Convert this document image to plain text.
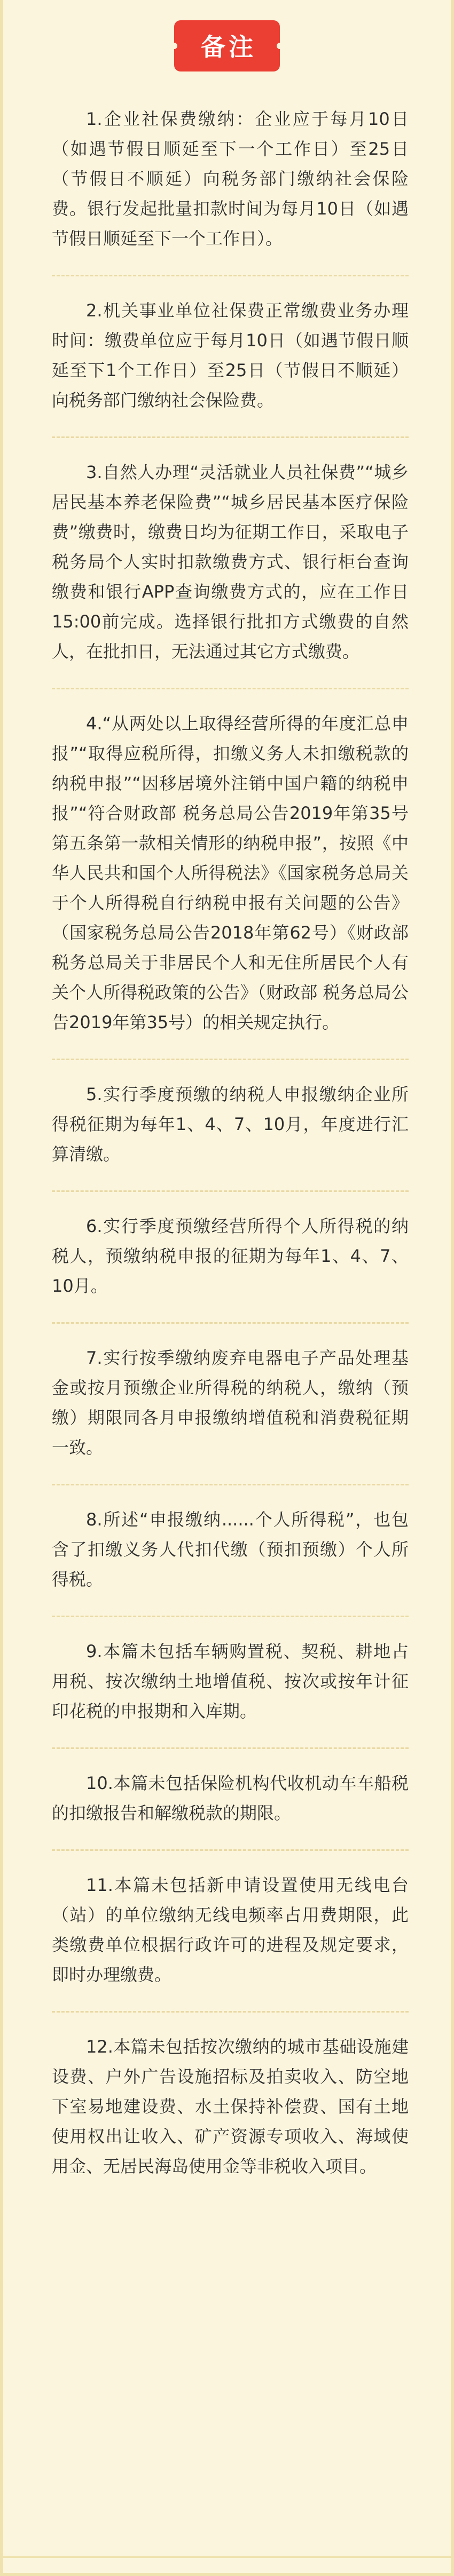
备注
1.企业社保费缴纳：企业应于每月10日（如遇节假日顺延至下一个工作日）至25日（节假日不顺延）向税务部门缴纳社会保险费。银行发起批量扣款时间为每月10日（如遇节假日顺延至下一个工作日）。
2.机关事业单位社保费正常缴费业务办理时间：缴费单位应于每月10日（如遇节假日顺延至下1个工作日）至25日（节假日不顺延）向税务部门缴纳社会保险费。
3.自然人办理“灵活就业人员社保费”“城乡居民基本养老保险费”“城乡居民基本医疗保险费”缴费时，缴费日均为征期工作日，采取电子税务局个人实时扣款缴费方式、银行柜台查询缴费和银行APP查询缴费方式的，应在工作日15:00前完成。选择银行批扣方式缴费的自然人，在批扣日，无法通过其它方式缴费。
4.“从两处以上取得经营所得的年度汇总申报”“取得应税所得，扣缴义务人未扣缴税款的纳税申报”“因移居境外注销中国户籍的纳税申报”“符合财政部 税务总局公告2019年第35号第五条第一款相关情形的纳税申报”，按照《中华人民共和国个人所得税法》《国家税务总局关于个人所得税自行纳税申报有关问题的公告》（国家税务总局公告2018年第62号）《财政部 税务总局关于非居民个人和无住所居民个人有关个人所得税政策的公告》（财政部 税务总局公告2019年第35号）的相关规定执行。
5.实行季度预缴的纳税人申报缴纳企业所得税征期为每年1、4、7、10月，年度进行汇算清缴。
6.实行季度预缴经营所得个人所得税的纳税人，预缴纳税申报的征期为每年1、4、7、10月。
7.实行按季缴纳废弃电器电子产品处理基金或按月预缴企业所得税的纳税人，缴纳（预缴）期限同各月申报缴纳增值税和消费税征期一致。
8.所述“申报缴纳......个人所得税”，也包含了扣缴义务人代扣代缴（预扣预缴）个人所得税。
9.本篇未包括车辆购置税、契税、耕地占用税、按次缴纳土地增值税、按次或按年计征印花税的申报期和入库期。
10.本篇未包括保险机构代收机动车车船税的扣缴报告和解缴税款的期限。
11.本篇未包括新申请设置使用无线电台（站）的单位缴纳无线电频率占用费期限，此类缴费单位根据行政许可的进程及规定要求，即时办理缴费。
12.本篇未包括按次缴纳的城市基础设施建设费、户外广告设施招标及拍卖收入、防空地下室易地建设费、水土保持补偿费、国有土地使用权出让收入、矿产资源专项收入、海域使用金、无居民海岛使用金等非税收入项目。
